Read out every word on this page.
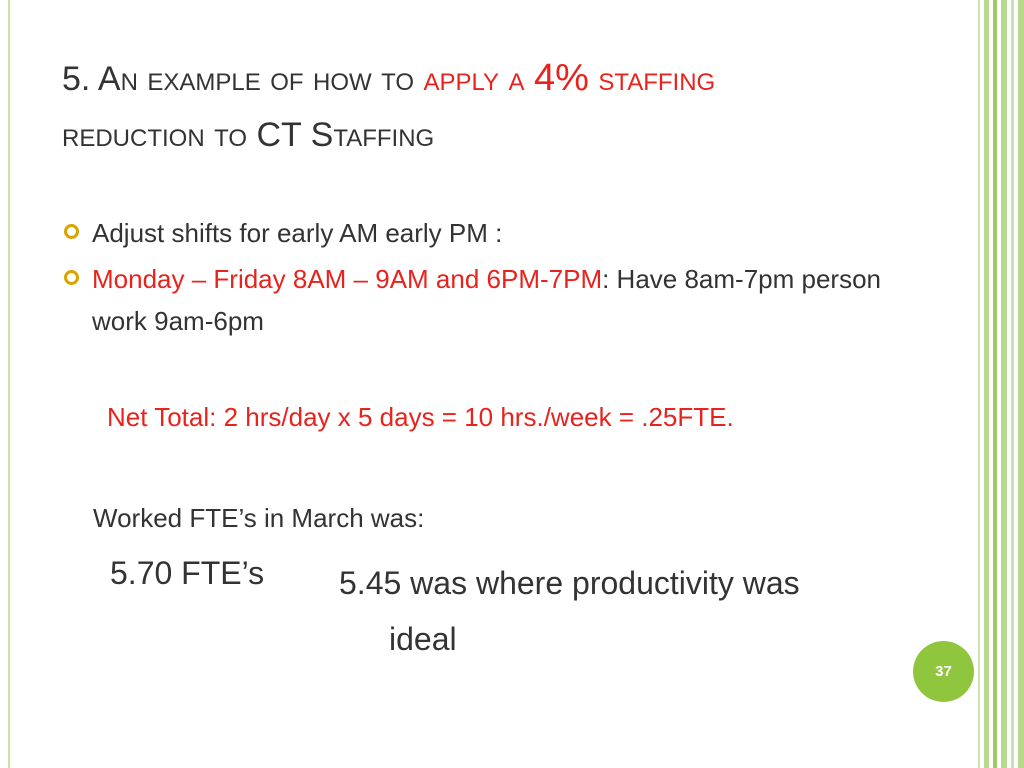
5. An example of how to apply a 4% staffing
reduction to CT Staffing
Adjust shifts for early AM early PM :
Monday – Friday 8AM – 9AM and 6PM-7PM: Have 8am-7pm person work 9am-6pm
Net Total: 2 hrs/day x 5 days = 10 hrs./week = .25FTE.
Worked FTE’s in March was:
5.70 FTE’s 5.45 was where productivity was
ideal
37
